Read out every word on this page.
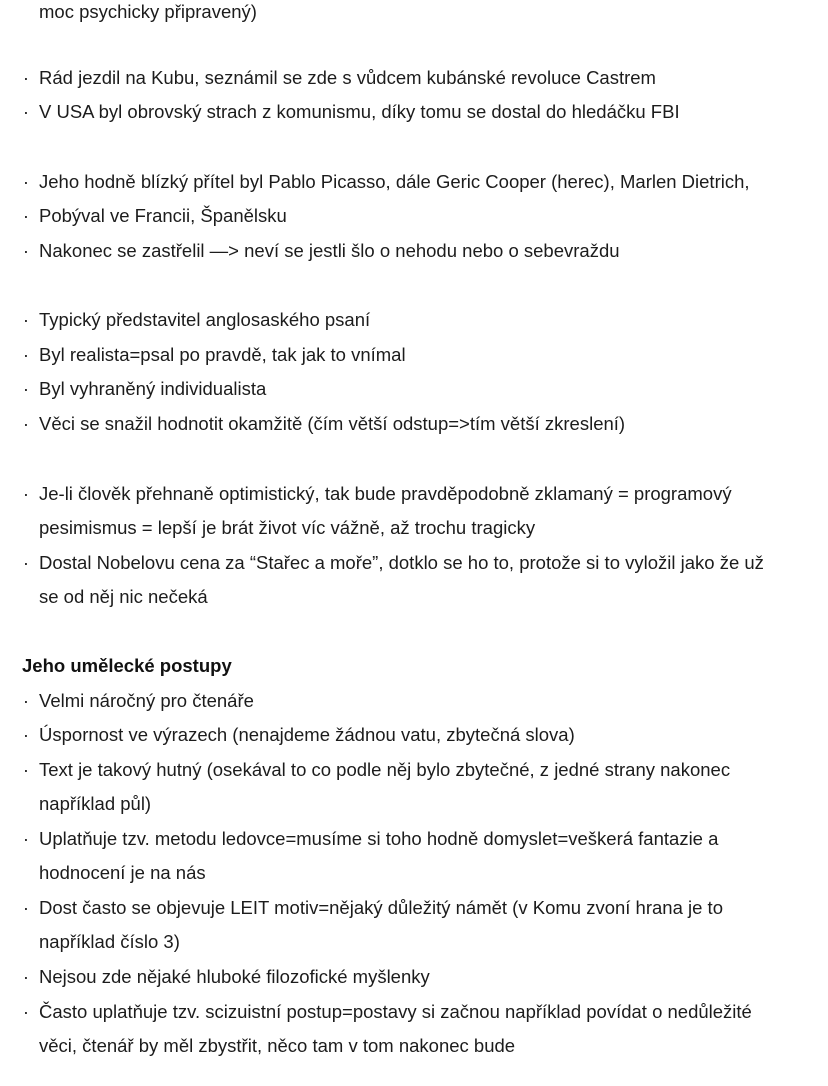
moc psychicky připravený)
· Rád jezdil na Kubu, seznámil se zde s vůdcem kubánské revoluce Castrem
· V USA byl obrovský strach z komunismu, díky tomu se dostal do hledáčku FBI
· Jeho hodně blízký přítel byl Pablo Picasso, dále Geric Cooper (herec), Marlen Dietrich,
· Pobýval ve Francii, Španělsku
· Nakonec se zastřelil —> neví se jestli šlo o nehodu nebo o sebevraždu
· Typický představitel anglosaského psaní
· Byl realista=psal po pravdě, tak jak to vnímal
· Byl vyhraněný individualista
· Věci se snažil hodnotit okamžitě (čím větší odstup=>tím větší zkreslení)
· Je-li člověk přehnaně optimistický, tak bude pravděpodobně zklamaný = programový
pesimismus = lepší je brát život víc vážně, až trochu tragicky
· Dostal Nobelovu cena za “Stařec a moře”, dotklo se ho to, protože si to vyložil jako že už
se od něj nic nečeká
Jeho umělecké postupy
· Velmi náročný pro čtenáře
· Úspornost ve výrazech (nenajdeme žádnou vatu, zbytečná slova)
· Text je takový hutný (osekával to co podle něj bylo zbytečné, z jedné strany nakonec
například půl)
· Uplatňuje tzv. metodu ledovce=musíme si toho hodně domyslet=veškerá fantazie a
hodnocení je na nás
· Dost často se objevuje LEIT motiv=nějaký důležitý námět (v Komu zvoní hrana je to
například číslo 3)
· Nejsou zde nějaké hluboké filozofické myšlenky
· Často uplatňuje tzv. scizuistní postup=postavy si začnou například povídat o nedůležité
věci, čtenář by měl zbystřit, něco tam v tom nakonec bude
